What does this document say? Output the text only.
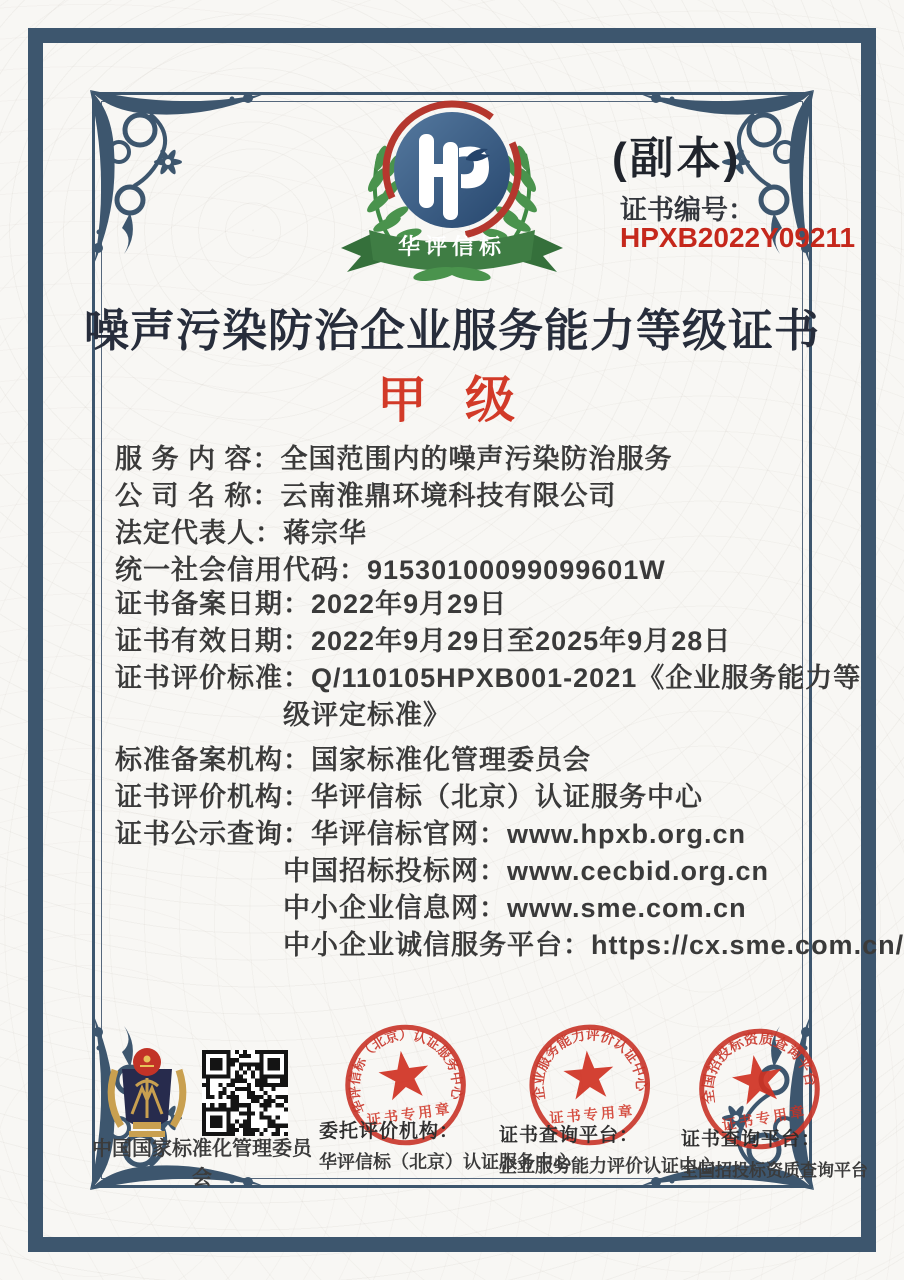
华评信标
(副本)
证书编号：
HPXB2022Y09211
噪声污染防治企业服务能力等级证书
甲 级
服 务 内 容：全国范围内的噪声污染防治服务
公 司 名 称：云南淮鼎环境科技有限公司
法定代表人：蒋宗华
统一社会信用代码：91530100099099601W
证书备案日期：2022年9月29日
证书有效日期：2022年9月29日至2025年9月28日
证书评价标准：Q/110105HPXB001-2021《企业服务能力等
级评定标准》
标准备案机构：国家标准化管理委员会
证书评价机构：华评信标（北京）认证服务中心
证书公示查询：华评信标官网：www.hpxb.org.cn
中国招标投标网：www.cecbid.org.cn
中小企业信息网：www.sme.com.cn
中小企业诚信服务平台：https://cx.sme.com.cn/
中国国家标准化管理委员会
华评信标（北京）认证服务中心
证书专用章
企业服务能力评价认证中心
证书专用章
全国招投标资质查询平台
证书专用章
委托评价机构：
华评信标（北京）认证服务中心
证书查询平台：
企业服务能力评价认证中心
证书查询平台：
全国招投标资质查询平台
